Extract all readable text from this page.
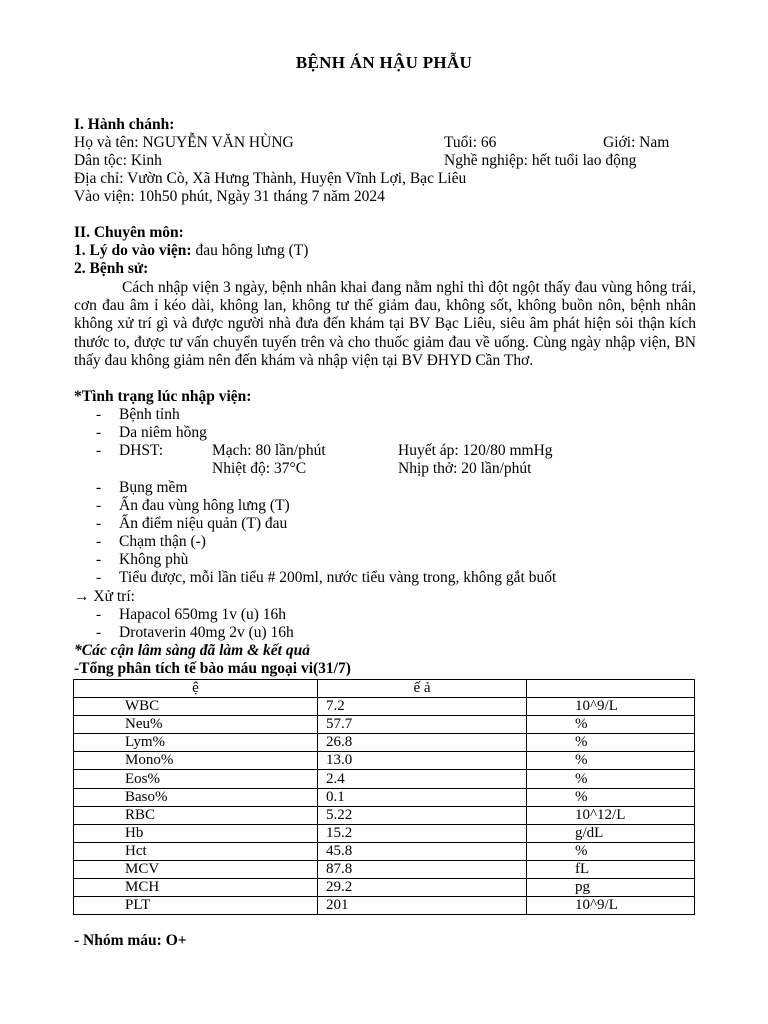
BỆNH ÁN HẬU PHẪU
I. Hành chánh:
Họ và tên: NGUYỄN VĂN HÙNG	Tuổi: 66	Giới: Nam
Dân tộc: Kinh	Nghề nghiệp: hết tuổi lao động
Địa chỉ: Vườn Cò, Xã Hưng Thành, Huyện Vĩnh Lợi, Bạc Liêu
Vào viện: 10h50 phút, Ngày 31 tháng 7 năm 2024
II. Chuyên môn:
1. Lý do vào viện: đau hông lưng (T)
2. Bệnh sử:
Cách nhập viện 3 ngày, bệnh nhân khai đang nằm nghỉ thì đột ngột thấy đau vùng hông trái, cơn đau âm ỉ kéo dài, không lan, không tư thế giảm đau, không sốt, không buồn nôn, bệnh nhân không xử trí gì và được người nhà đưa đến khám tại BV Bạc Liêu, siêu âm phát hiện sỏi thận kích thước to, được tư vấn chuyển tuyến trên và cho thuốc giảm đau về uống. Cùng ngày nhập viện, BN thấy đau không giảm nên đến khám và nhập viện tại BV ĐHYD Cần Thơ.
*Tình trạng lúc nhập viện:
- Bệnh tỉnh
- Da niêm hồng
- DHST:	Mạch: 80 lần/phút	Huyết áp: 120/80 mmHg
Nhiệt độ: 37°C	Nhịp thở: 20 lần/phút
- Bụng mềm
- Ấn đau vùng hông lưng (T)
- Ấn điểm niệu quản (T) đau
- Chạm thận (-)
- Không phù
- Tiểu được, mỗi lần tiểu # 200ml, nước tiểu vàng trong, không gắt buốt
→ Xử trí:
- Hapacol 650mg 1v (u) 16h
- Drotaverin 40mg 2v (u) 16h
*Các cận lâm sàng đã làm & kết quả
-Tổng phân tích tế bào máu ngoại vi(31/7)
ệ	ế ả	
WBC	7.2	10^9/L
Neu%	57.7	%
Lym%	26.8	%
Mono%	13.0	%
Eos%	2.4	%
Baso%	0.1	%
RBC	5.22	10^12/L
Hb	15.2	g/dL
Hct	45.8	%
MCV	87.8	fL
MCH	29.2	pg
PLT	201	10^9/L
- Nhóm máu: O+
